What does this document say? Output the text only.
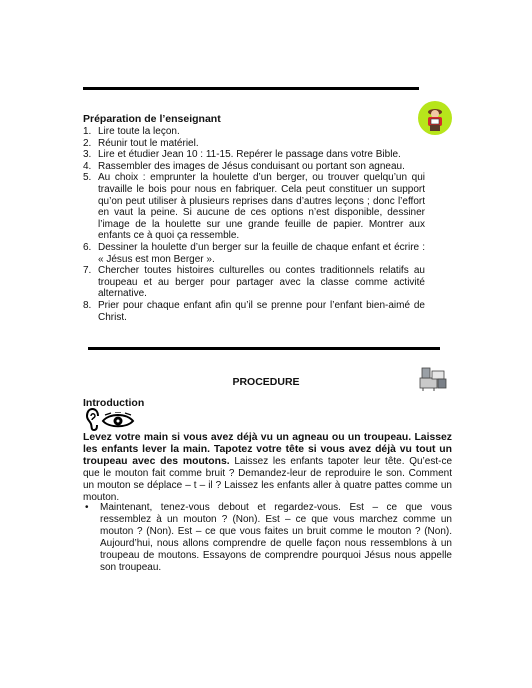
Préparation de l’enseignant
1. Lire toute la leçon.
2. Réunir tout le matériel.
3. Lire et étudier Jean 10 : 11-15. Repérer le passage dans votre Bible.
4. Rassembler des images de Jésus conduisant ou portant son agneau.
5. Au choix : emprunter la houlette d’un berger, ou trouver quelqu’un qui travaille le bois pour nous en fabriquer. Cela peut constituer un support qu’on peut utiliser à plusieurs reprises dans d’autres leçons ; donc l’effort en vaut la peine. Si aucune de ces options n’est disponible, dessiner l’image de la houlette sur une grande feuille de papier. Montrer aux enfants ce à quoi ça ressemble.
6. Dessiner la houlette d’un berger sur la feuille de chaque enfant et écrire : « Jésus est mon Berger ».
7. Chercher toutes histoires culturelles ou contes traditionnels relatifs au troupeau et au berger pour partager avec la classe comme activité alternative.
8. Prier pour chaque enfant afin qu’il se prenne pour l’enfant bien-aimé de Christ.
PROCEDURE
Introduction

Levez votre main si vous avez déjà vu un agneau ou un troupeau. Laissez les enfants lever la main. Tapotez votre tête si vous avez déjà vu tout un troupeau avec des moutons. Laissez les enfants tapoter leur tête. Qu’est-ce que le mouton fait comme bruit ? Demandez-leur de reproduire le son. Comment un mouton se déplace – t – il ? Laissez les enfants aller à quatre pattes comme un mouton.

• Maintenant, tenez-vous debout et regardez-vous. Est – ce que vous ressemblez à un mouton ? (Non). Est – ce que vous marchez comme un mouton ? (Non). Est – ce que vous faites un bruit comme le mouton ? (Non). Aujourd’hui, nous allons comprendre de quelle façon nous ressemblons à un troupeau de moutons. Essayons de comprendre pourquoi Jésus nous appelle son troupeau.
